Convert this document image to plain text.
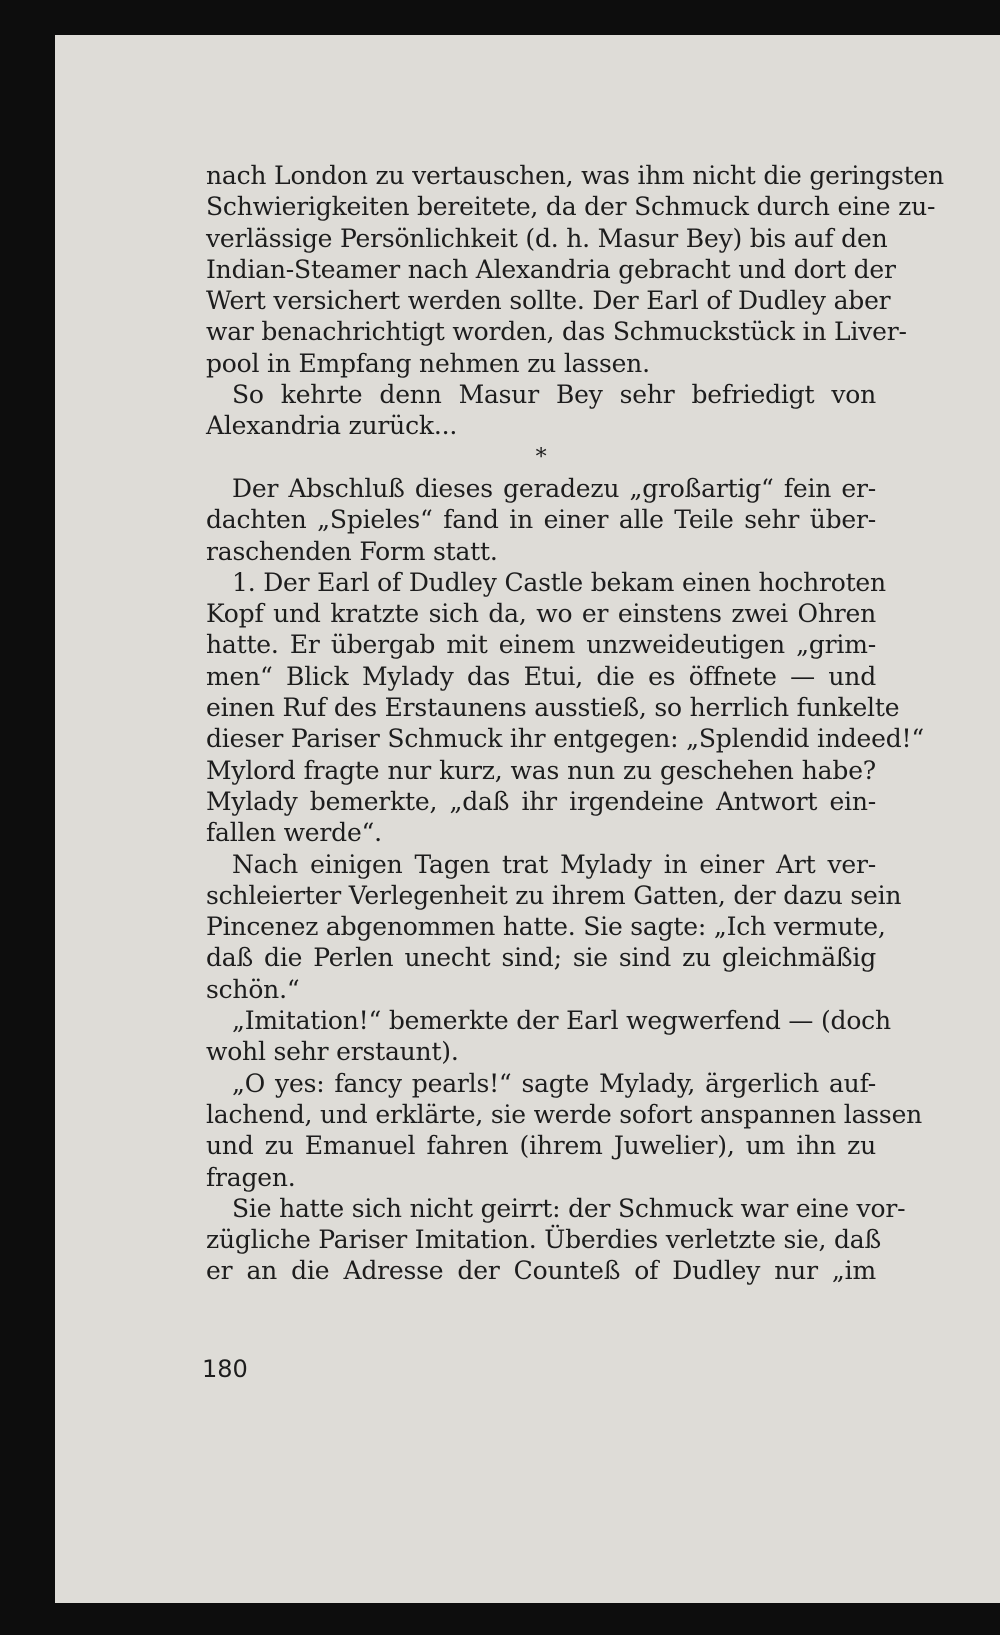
nach London zu vertauschen, was ihm nicht die geringsten
Schwierigkeiten bereitete, da der Schmuck durch eine zu-
verlässige Persönlichkeit (d. h. Masur Bey) bis auf den
Indian-Steamer nach Alexandria gebracht und dort der
Wert versichert werden sollte. Der Earl of Dudley aber
war benachrichtigt worden, das Schmuckstück in Liver-
pool in Empfang nehmen zu lassen.
So kehrte denn Masur Bey sehr befriedigt von
Alexandria zurück...
*
Der Abschluß dieses geradezu „großartig“ fein er-
dachten „Spieles“ fand in einer alle Teile sehr über-
raschenden Form statt.
1. Der Earl of Dudley Castle bekam einen hochroten
Kopf und kratzte sich da, wo er einstens zwei Ohren
hatte. Er übergab mit einem unzweideutigen „grim-
men“ Blick Mylady das Etui, die es öffnete — und
einen Ruf des Erstaunens ausstieß, so herrlich funkelte
dieser Pariser Schmuck ihr entgegen: „Splendid indeed!“
Mylord fragte nur kurz, was nun zu geschehen habe?
Mylady bemerkte, „daß ihr irgendeine Antwort ein-
fallen werde“.
Nach einigen Tagen trat Mylady in einer Art ver-
schleierter Verlegenheit zu ihrem Gatten, der dazu sein
Pincenez abgenommen hatte. Sie sagte: „Ich vermute,
daß die Perlen unecht sind; sie sind zu gleichmäßig
schön.“
„Imitation!“ bemerkte der Earl wegwerfend — (doch
wohl sehr erstaunt).
„O yes: fancy pearls!“ sagte Mylady, ärgerlich auf-
lachend, und erklärte, sie werde sofort anspannen lassen
und zu Emanuel fahren (ihrem Juwelier), um ihn zu
fragen.
Sie hatte sich nicht geirrt: der Schmuck war eine vor-
zügliche Pariser Imitation. Überdies verletzte sie, daß
er an die Adresse der Counteß of Dudley nur „im
180
